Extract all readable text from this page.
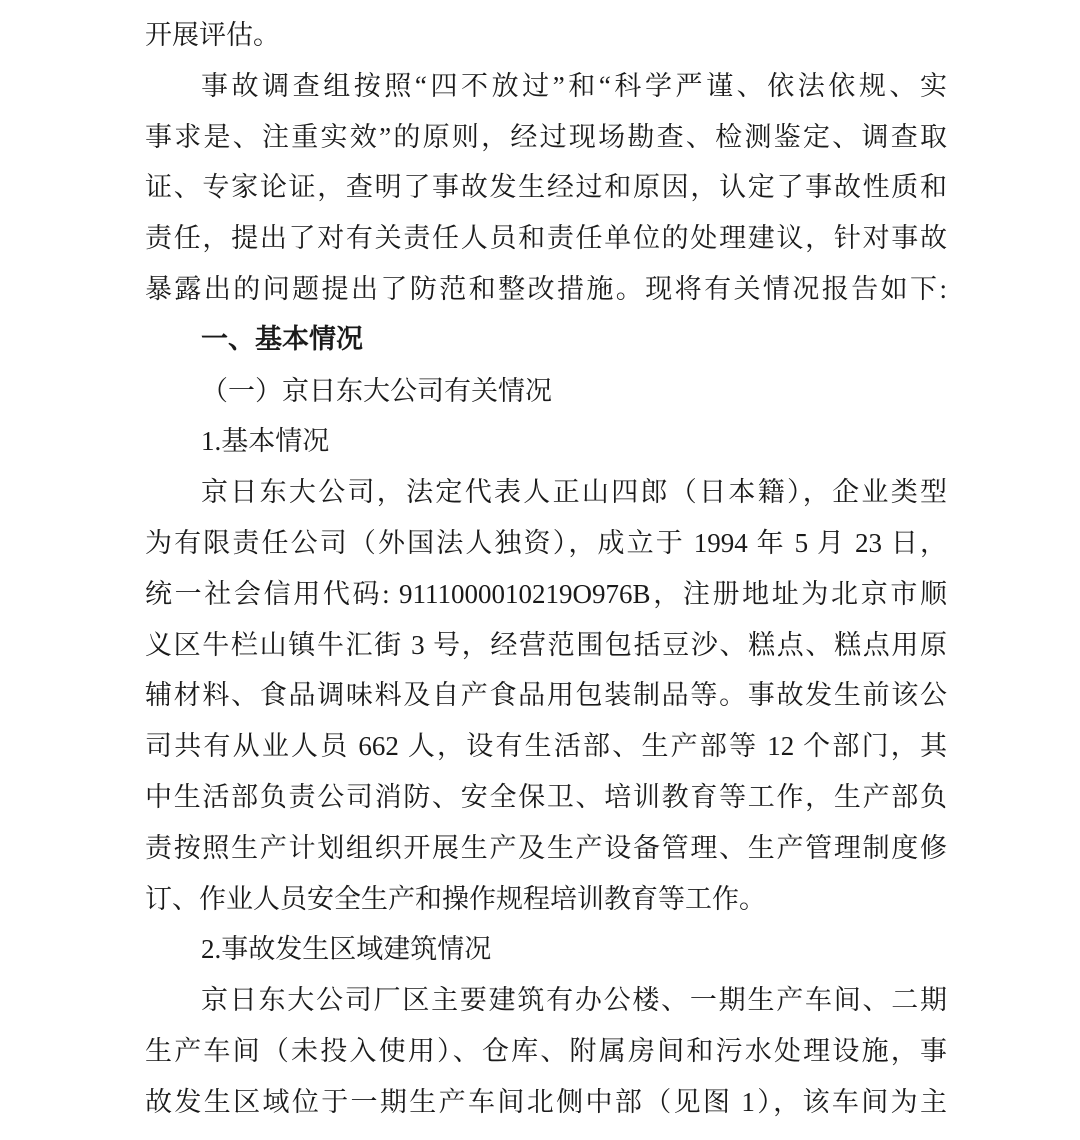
开展评估。
事故调查组按照“四不放过”和“科学严谨、依法依规、实
事求是、注重实效”的原则，经过现场勘查、检测鉴定、调查取
证、专家论证，查明了事故发生经过和原因，认定了事故性质和
责任，提出了对有关责任人员和责任单位的处理建议，针对事故
暴露出的问题提出了防范和整改措施。现将有关情况报告如下:
一、基本情况
（一）京日东大公司有关情况
1.基本情况
京日东大公司，法定代表人正山四郎（日本籍），企业类型
为有限责任公司（外国法人独资），成立于 1994 年 5 月 23 日，
统一社会信用代码: 9111000010219O976B，注册地址为北京市顺
义区牛栏山镇牛汇街 3 号，经营范围包括豆沙、糕点、糕点用原
辅材料、食品调味料及自产食品用包装制品等。事故发生前该公
司共有从业人员 662 人，设有生活部、生产部等 12 个部门，其
中生活部负责公司消防、安全保卫、培训教育等工作，生产部负
责按照生产计划组织开展生产及生产设备管理、生产管理制度修
订、作业人员安全生产和操作规程培训教育等工作。
2.事故发生区域建筑情况
京日东大公司厂区主要建筑有办公楼、一期生产车间、二期
生产车间（未投入使用）、仓库、附属房间和污水处理设施，事
故发生区域位于一期生产车间北侧中部（见图 1），该车间为主
